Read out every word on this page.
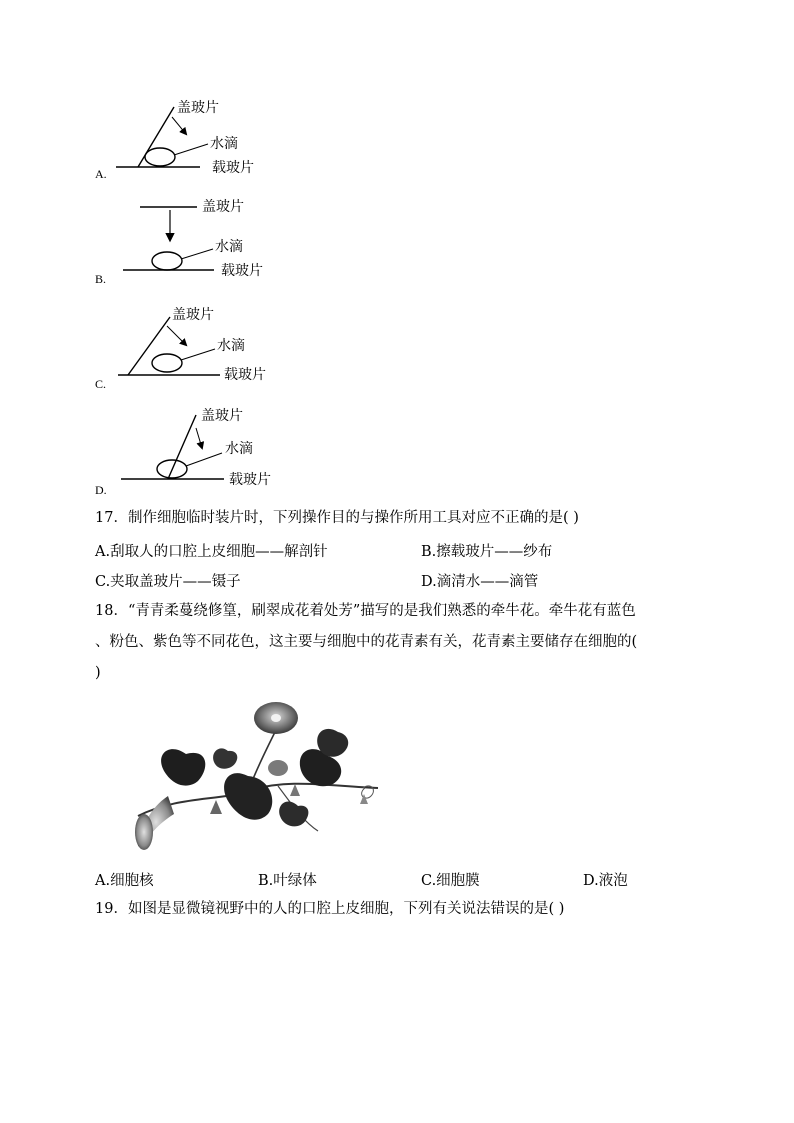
盖玻片
水滴
载玻片
盖玻片
水滴
载玻片
盖玻片
水滴
载玻片
盖玻片
水滴
载玻片
A.
B.
C.
D.
17．制作细胞临时装片时，下列操作目的与操作所用工具对应不正确的是( )
A.刮取人的口腔上皮细胞——解剖针	B.擦载玻片——纱布
C.夹取盖玻片——镊子	D.滴清水——滴管
18．“青青柔蔓绕修篁，刷翠成花着处芳”描写的是我们熟悉的牵牛花。牵牛花有蓝色
、粉色、紫色等不同花色，这主要与细胞中的花青素有关，花青素主要储存在细胞的(
)
A.细胞核	B.叶绿体	C.细胞膜	D.液泡
19．如图是显微镜视野中的人的口腔上皮细胞，下列有关说法错误的是( )
